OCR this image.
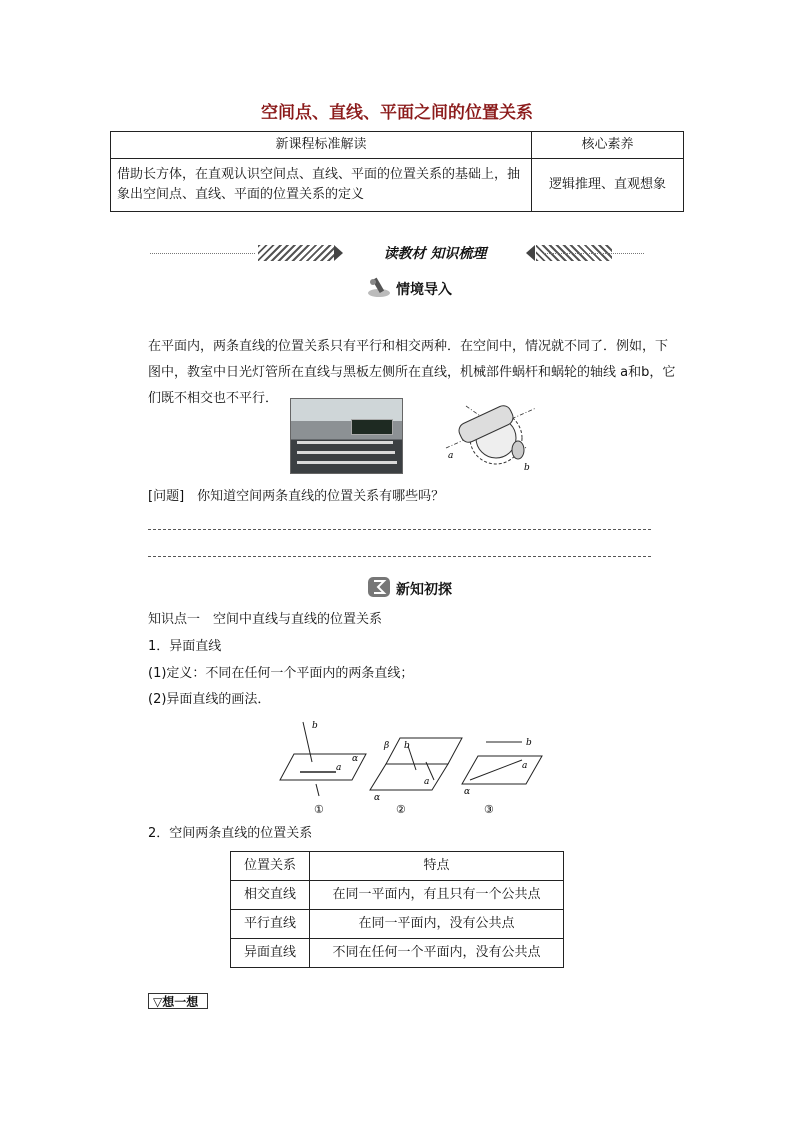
空间点、直线、平面之间的位置关系
新课程标准解读	核心素养
借助长方体，在直观认识空间点、直线、平面的位置关系的基础上，抽象出空间点、直线、平面的位置关系的定义	逻辑推理、直观想象
读教材 知识梳理
情境导入
在平面内，两条直线的位置关系只有平行和相交两种．在空间中，情况就不同了．例如，下图中，教室中日光灯管所在直线与黑板左侧所在直线，机械部件蜗杆和蜗轮的轴线 a和b，它们既不相交也不平行．
a
b
[问题]　你知道空间两条直线的位置关系有哪些吗？
新知初探
知识点一　空间中直线与直线的位置关系
1．异面直线
(1)定义：不同在任何一个平面内的两条直线；
(2)异面直线的画法．
b
α
a
①
β b
a
α
②
b
a
α
③
2．空间两条直线的位置关系
位置关系	特点
相交直线	在同一平面内，有且只有一个公共点
平行直线	在同一平面内，没有公共点
异面直线	不同在任何一个平面内，没有公共点
▽想一想
